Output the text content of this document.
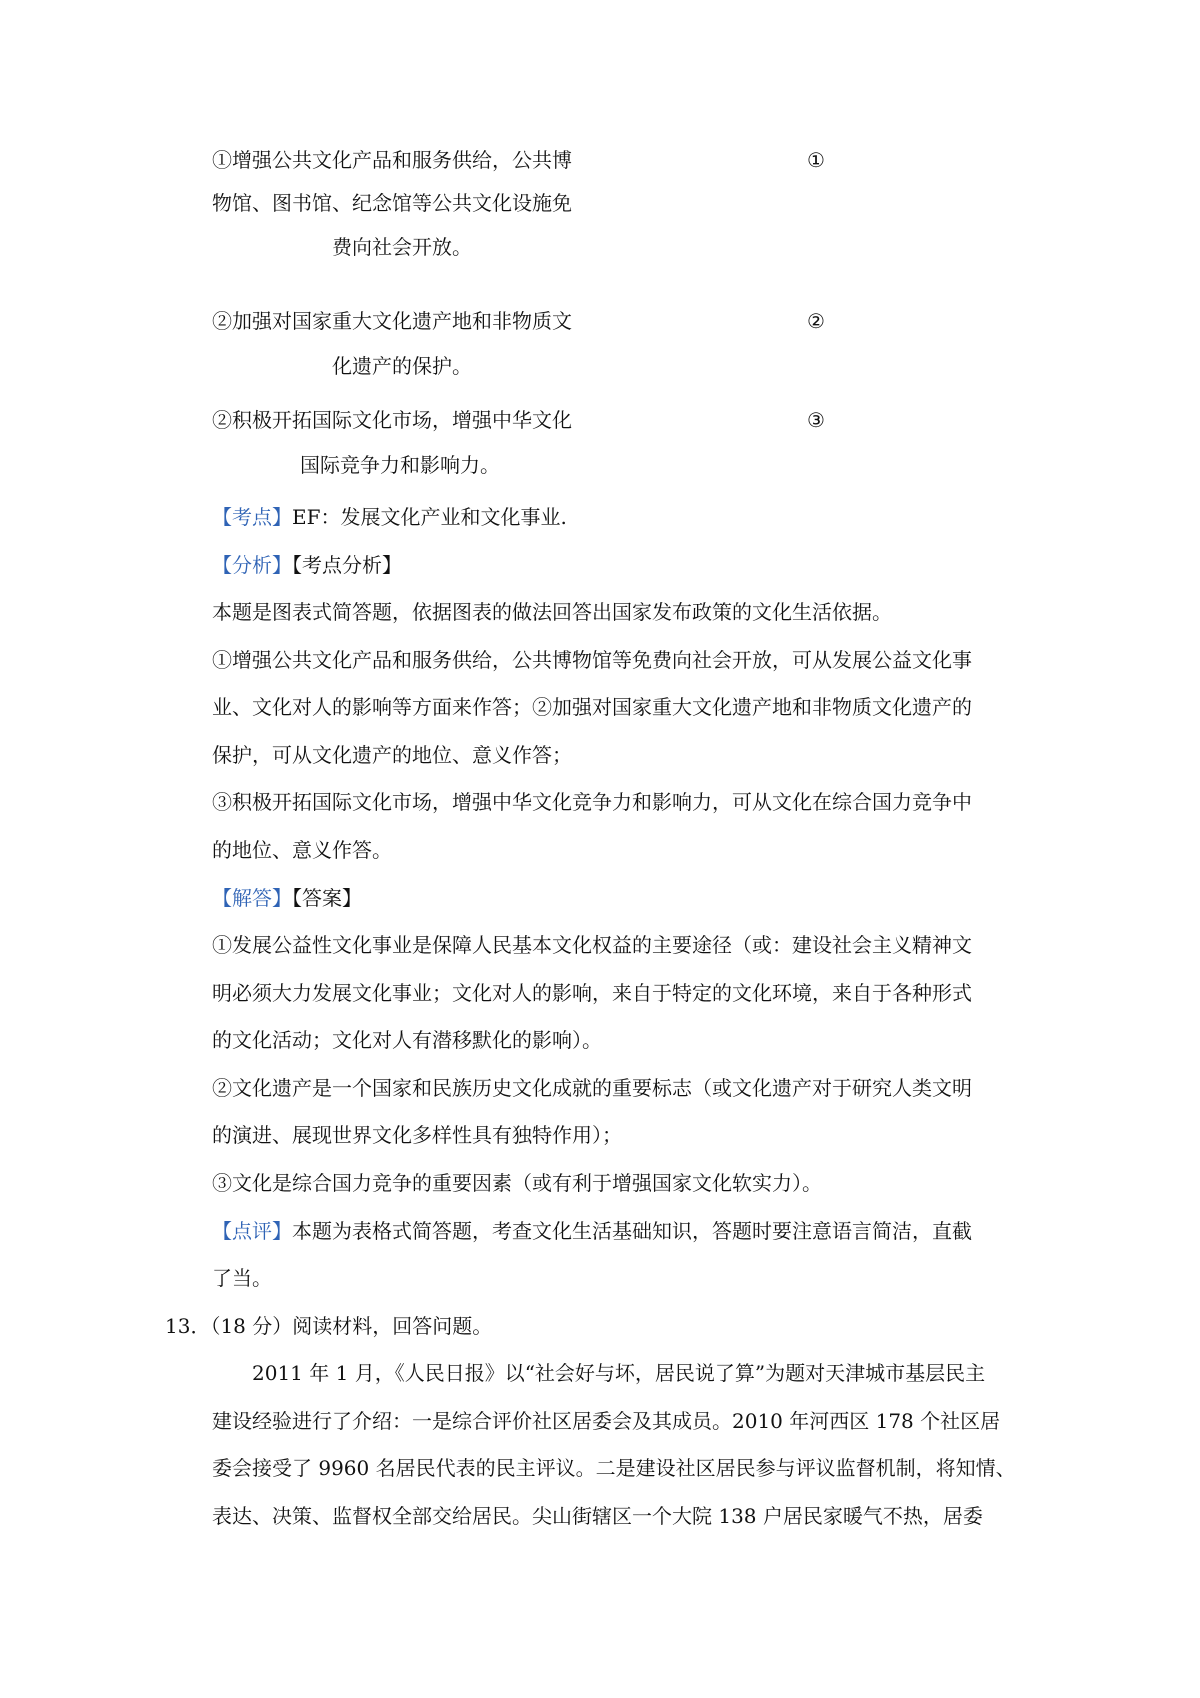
①增强公共文化产品和服务供给，公共博	①
物馆、图书馆、纪念馆等公共文化设施免
费向社会开放。
②加强对国家重大文化遗产地和非物质文	②
化遗产的保护。
②积极开拓国际文化市场，增强中华文化	③
国际竞争力和影响力。
【考点】EF：发展文化产业和文化事业.
【分析】【考点分析】
本题是图表式简答题，依据图表的做法回答出国家发布政策的文化生活依据。
①增强公共文化产品和服务供给，公共博物馆等免费向社会开放，可从发展公益文化事
业、文化对人的影响等方面来作答；②加强对国家重大文化遗产地和非物质文化遗产的
保护，可从文化遗产的地位、意义作答；
③积极开拓国际文化市场，增强中华文化竞争力和影响力，可从文化在综合国力竞争中
的地位、意义作答。
【解答】【答案】
①发展公益性文化事业是保障人民基本文化权益的主要途径（或：建设社会主义精神文
明必须大力发展文化事业；文化对人的影响，来自于特定的文化环境，来自于各种形式
的文化活动；文化对人有潜移默化的影响）。
②文化遗产是一个国家和民族历史文化成就的重要标志（或文化遗产对于研究人类文明
的演进、展现世界文化多样性具有独特作用）；
③文化是综合国力竞争的重要因素（或有利于增强国家文化软实力）。
【点评】本题为表格式简答题，考查文化生活基础知识，答题时要注意语言简洁，直截
了当。
13．（18 分）阅读材料，回答问题。
2011 年 1 月，《人民日报》以“社会好与坏，居民说了算”为题对天津城市基层民主
建设经验进行了介绍：一是综合评价社区居委会及其成员。2010 年河西区 178 个社区居
委会接受了 9960 名居民代表的民主评议。二是建设社区居民参与评议监督机制，将知情、
表达、决策、监督权全部交给居民。尖山街辖区一个大院 138 户居民家暖气不热，居委
